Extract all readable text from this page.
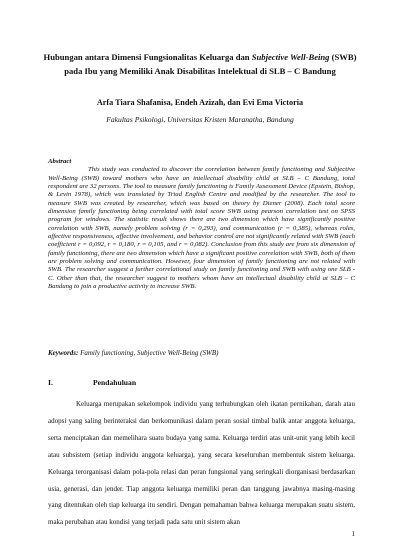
Hubungan antara Dimensi Fungsionalitas Keluarga dan Subjective Well-Being (SWB)
pada Ibu yang Memiliki Anak Disabilitas Intelektual di SLB – C Bandung
Arfa Tiara Shafanisa, Endeh Azizah, dan Evi Ema Victoria
Fakultas Psikologi, Universitas Kristen Maranatha, Bandung
Abstract
This study was conducted to discover the correlation between family functioning and Subjective Well-Being (SWB) toward mothers who have an intellectual disability child at SLB – C Bandung, total respondent are 32 persons. The tool to measure family functioning is Family Assessment Device (Epstein, Bishop, & Levin 1978), which was translated by Triad English Centre and modified by the researcher. The tool to measure SWB was created by researcher, which was based on theory by Diener (2008). Each total score dimension family functioning being correlated with total score SWB using pearson correlation test on SPSS program for windows. The statistic result shows there are two dimension which have significantly positive correlation with SWB, namely problem solving (r = 0,293), and communication (r = 0,385), whereas roles, affective responsiveness, affective involvement, and behavior control are not significantly related with SWB (each coefficient r = 0,092, r = 0,180, r = 0,105, and r = 0,082). Conclusion from this study are from six dimension of family functioning, there are two dimension which have a significant positive correlation with SWB, both of them are problem solving and communication. However, four dimension of family functioning are not related with SWB. The researcher suggest a further correlational study on family functioning and SWB with using one SLB - C. Other than that, the researcher suggest to mothers whom have an intellectual disability child at SLB – C Bandung to join a productive activity to increase SWB.
Keywords: Family functioning, Subjective Well-Being (SWB)
I.	Pendahuluan

Keluarga merupakan sekelompok individu yang terhubungkan oleh ikatan pernikahan, darah atau adopsi yang saling berinteraksi dan berkomunikasi dalam peran sosial timbal balik antar anggota keluarga, serta menciptakan dan memelihara suatu budaya yang sama. Keluarga terdiri atas unit-unit yang lebih kecil atau subsistem (setiap individu anggota keluarga), yang secara keseluruhan membentuk sistem keluarga. Keluarga terorganisasi dalam pola-pola relasi dan peran fungsional yang seringkali diorganisasi berdasarkan usia, generasi, dan jender. Tiap anggota keluarga memiliki peran dan tanggung jawabnya masing-masing yang ditentukan oleh tiap keluarga itu sendiri. Dengan pemahaman bahwa keluarga merupakan suatu sistem, maka perubahan atau kondisi yang terjadi pada satu unit sistem akan

1
